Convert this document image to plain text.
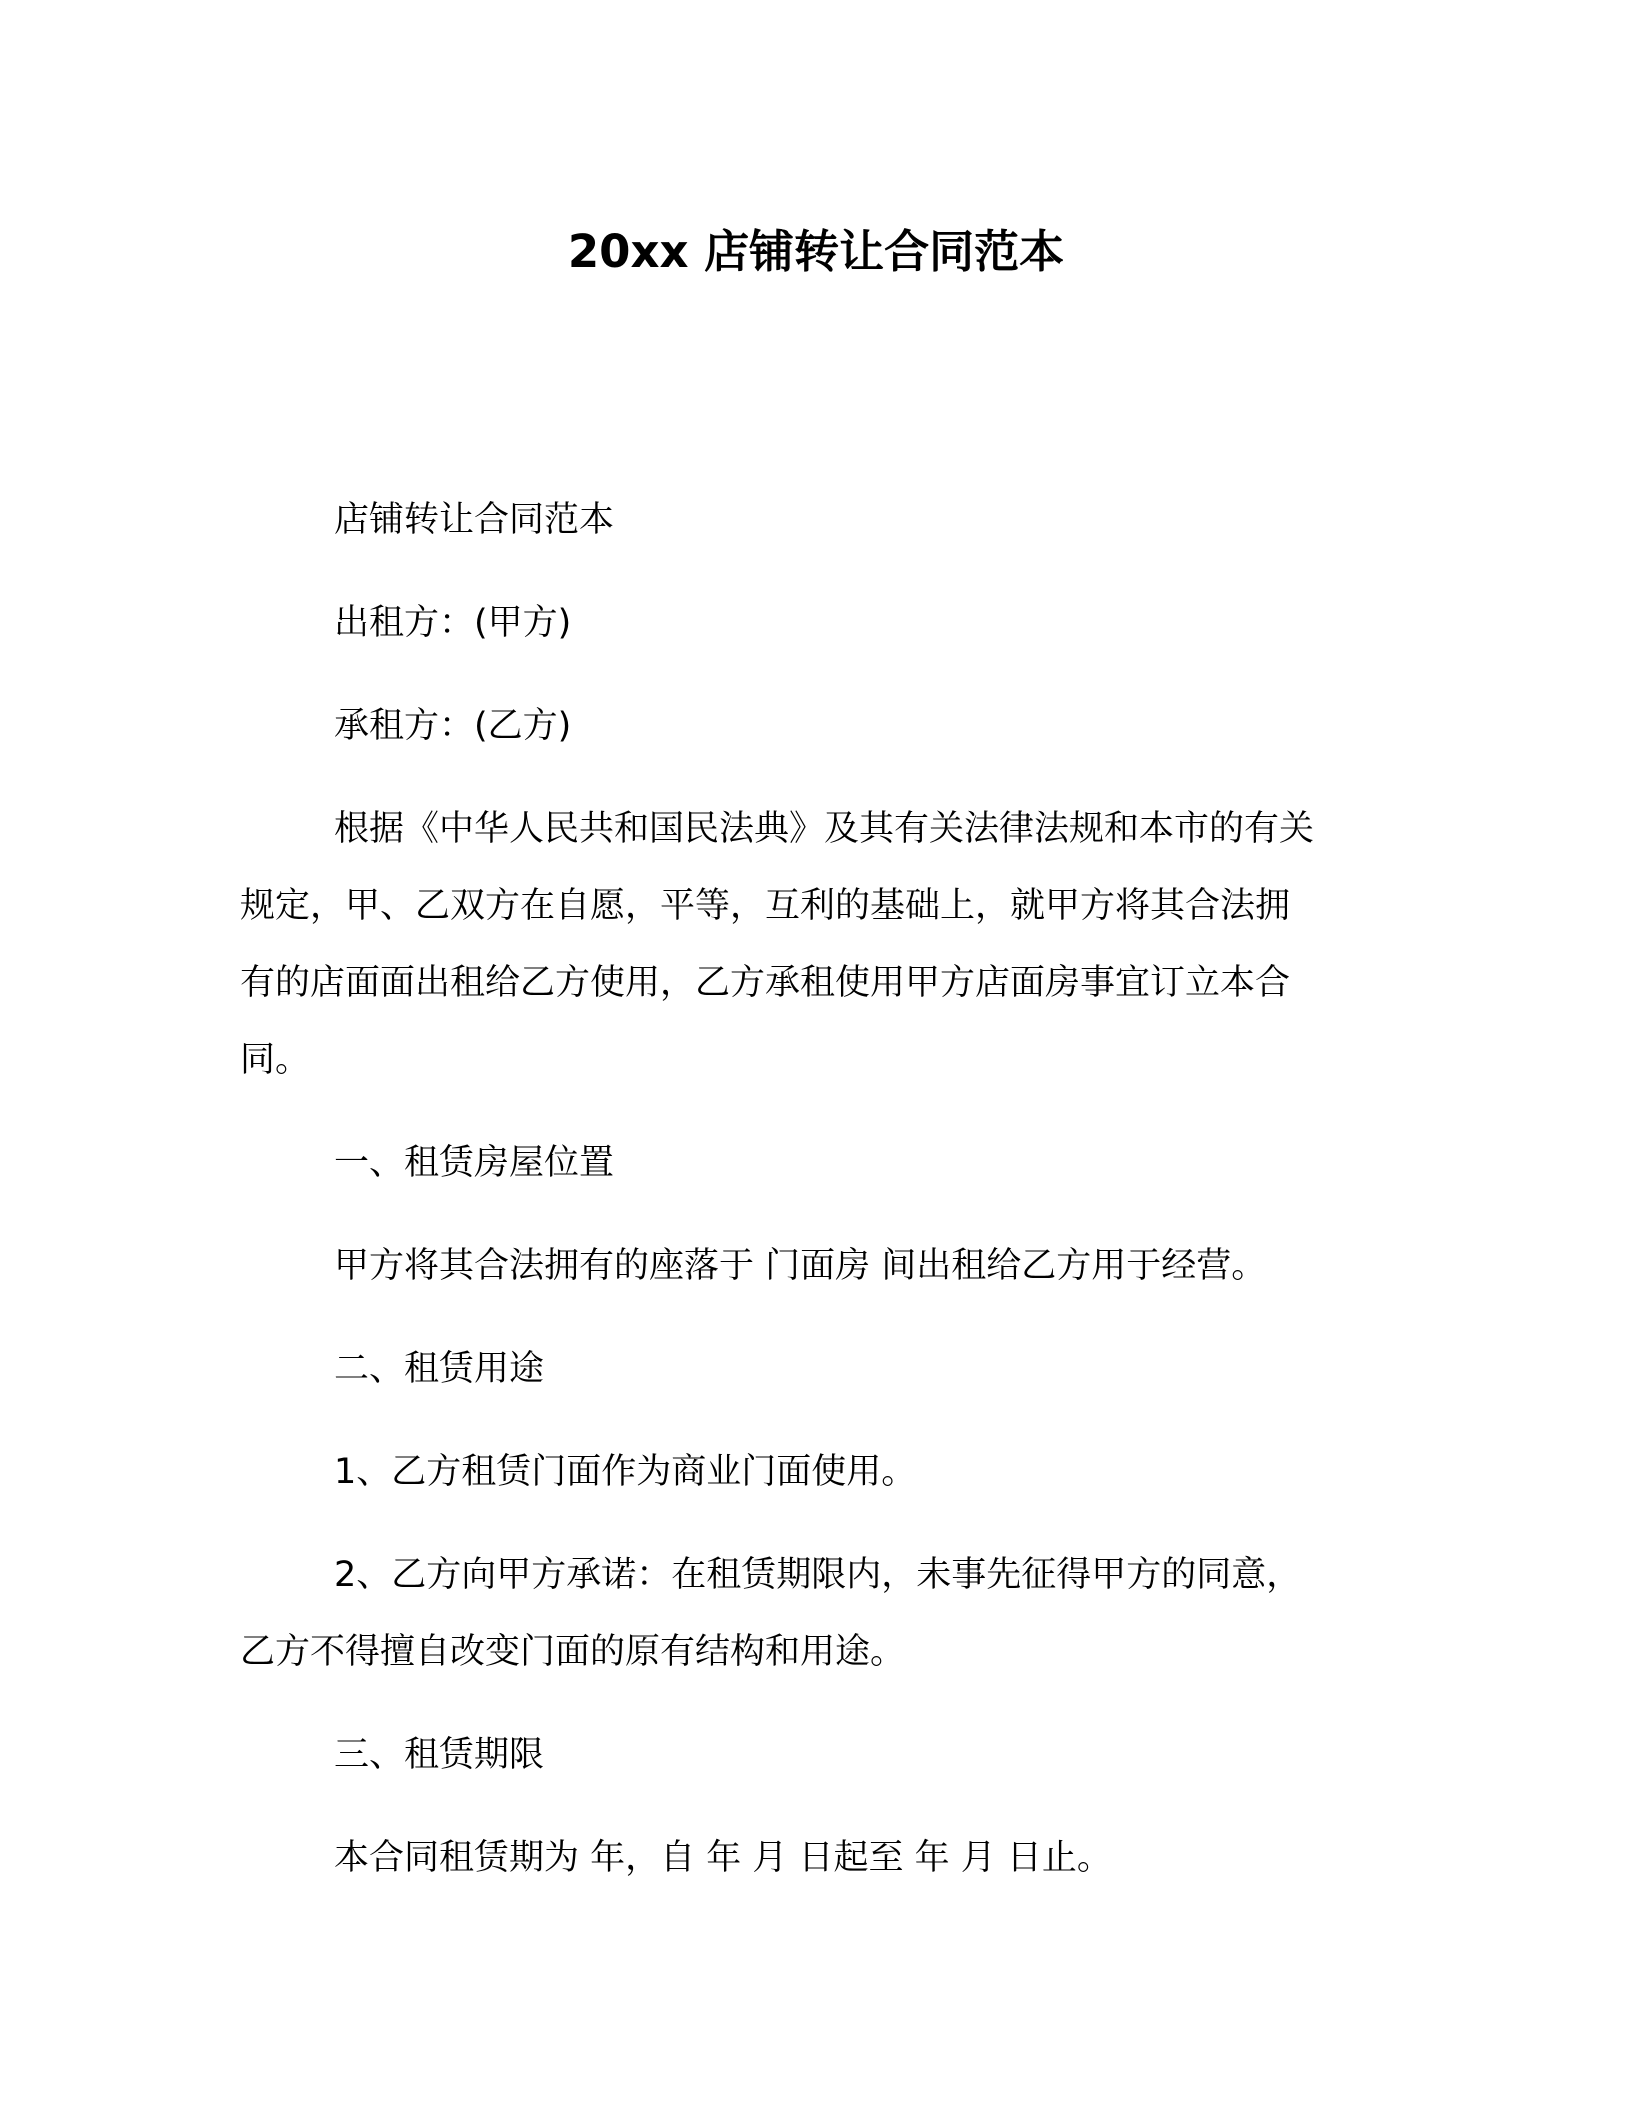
20xx 店铺转让合同范本
店铺转让合同范本
出租方：(甲方)
承租方：(乙方)
根据《中华人民共和国民法典》及其有关法律法规和本市的有关
规定，甲、乙双方在自愿，平等，互利的基础上，就甲方将其合法拥
有的店面面出租给乙方使用，乙方承租使用甲方店面房事宜订立本合
同。
一、租赁房屋位置
甲方将其合法拥有的座落于 门面房 间出租给乙方用于经营。
二、租赁用途
1、乙方租赁门面作为商业门面使用。
2、乙方向甲方承诺：在租赁期限内，未事先征得甲方的同意，
乙方不得擅自改变门面的原有结构和用途。
三、租赁期限
本合同租赁期为 年，自 年 月 日起至 年 月 日止。
